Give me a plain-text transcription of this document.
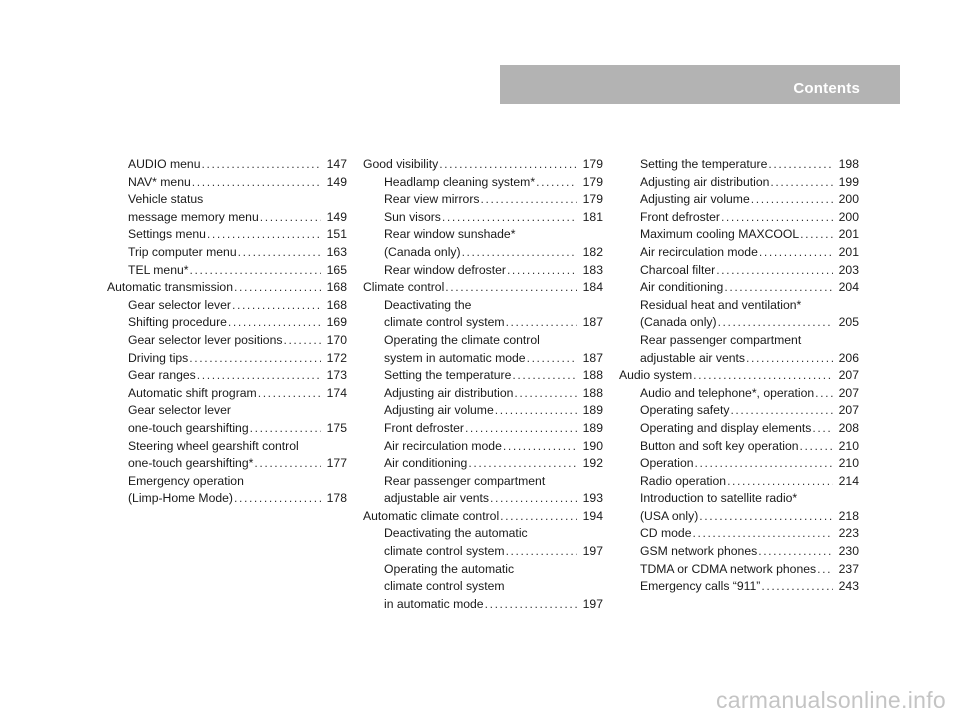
Contents
AUDIO menu .....	147
NAV* menu .....	149
Vehicle status
message memory menu .....	149
Settings menu .....	151
Trip computer menu .....	163
TEL menu* .....	165
Automatic transmission .....	168
Gear selector lever .....	168
Shifting procedure .....	169
Gear selector lever positions .....	170
Driving tips .....	172
Gear ranges .....	173
Automatic shift program .....	174
Gear selector lever
one-touch gearshifting .....	175
Steering wheel gearshift control
one-touch gearshifting* .....	177
Emergency operation
(Limp-Home Mode) .....	178
Good visibility .....	179
Headlamp cleaning system* .....	179
Rear view mirrors .....	179
Sun visors .....	181
Rear window sunshade*
(Canada only) .....	182
Rear window defroster .....	183
Climate control .....	184
Deactivating the
climate control system .....	187
Operating the climate control
system in automatic mode .....	187
Setting the temperature .....	188
Adjusting air distribution .....	188
Adjusting air volume .....	189
Front defroster .....	189
Air recirculation mode .....	190
Air conditioning .....	192
Rear passenger compartment
adjustable air vents .....	193
Automatic climate control .....	194
Deactivating the automatic
climate control system .....	197
Operating the automatic
climate control system
in automatic mode .....	197
Setting the temperature .....	198
Adjusting air distribution .....	199
Adjusting air volume .....	200
Front defroster .....	200
Maximum cooling MAXCOOL .....	201
Air recirculation mode .....	201
Charcoal filter .....	203
Air conditioning .....	204
Residual heat and ventilation*
(Canada only) .....	205
Rear passenger compartment
adjustable air vents .....	206
Audio system .....	207
Audio and telephone*, operation ..... 207
Operating safety .....	207
Operating and display elements ..... 208
Button and soft key operation .....	210
Operation .....	210
Radio operation .....	214
Introduction to satellite radio*
(USA only) .....	218
CD mode .....	223
GSM network phones .....	230
TDMA or CDMA network phones ..... 237
Emergency calls “911” .....	243
carmanualsonline.info
